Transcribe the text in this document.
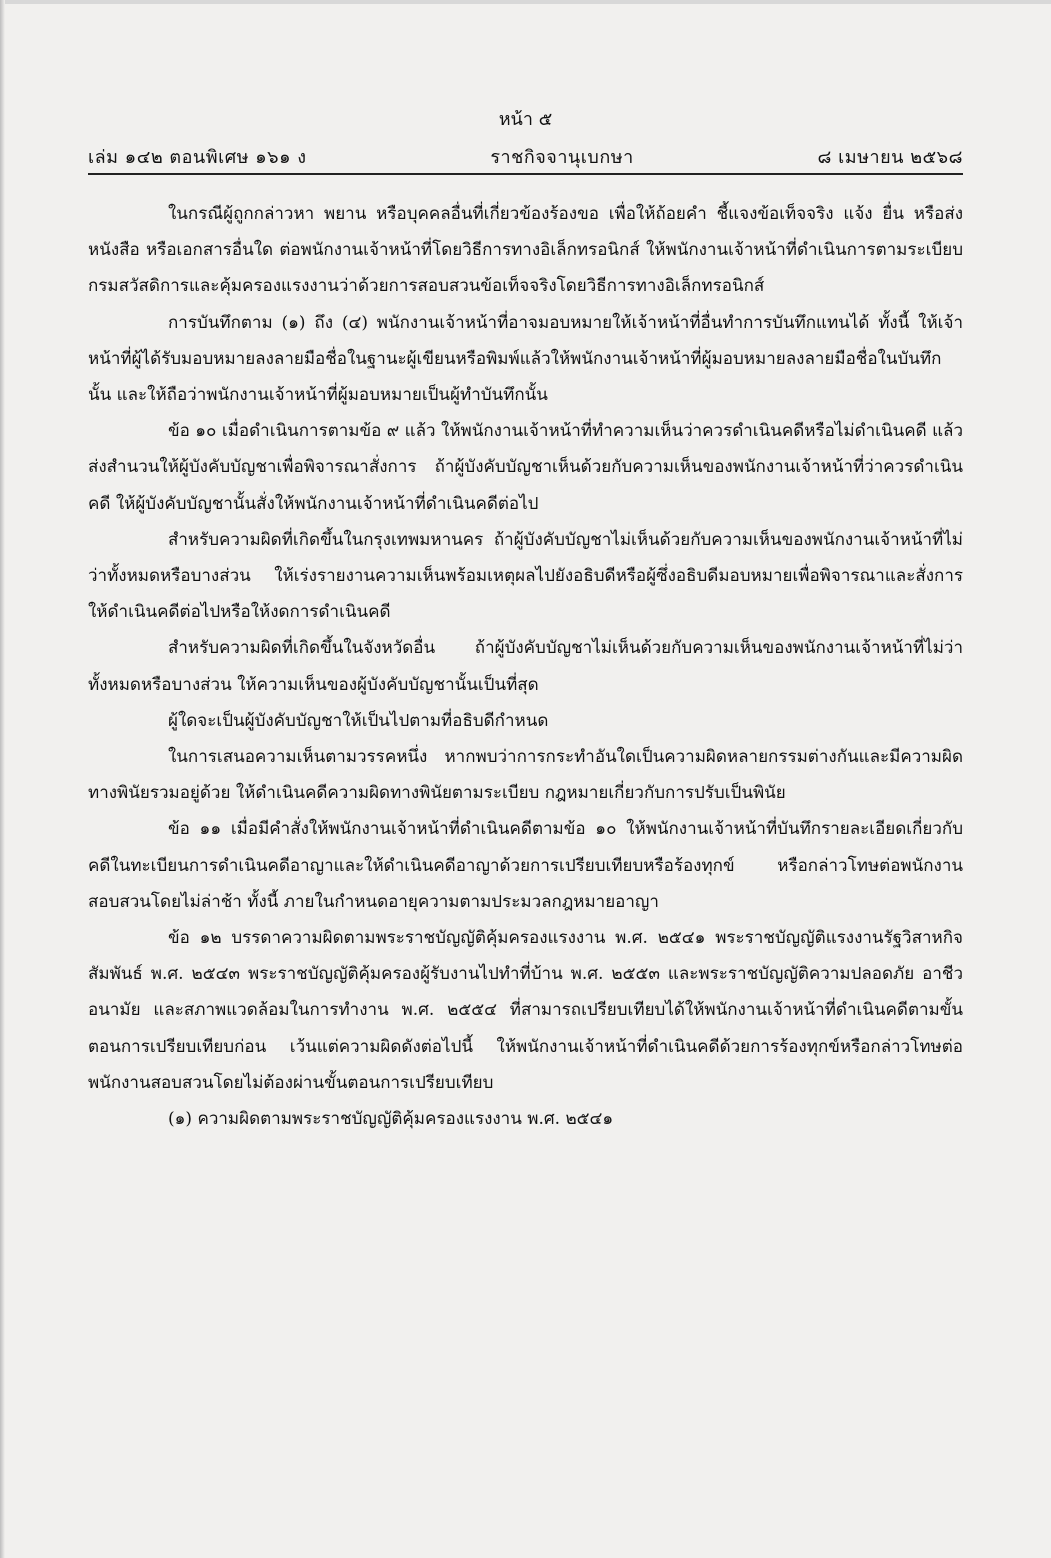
หน้า ๕
เล่ม ๑๔๒ ตอนพิเศษ ๑๖๑ ง	ราชกิจจานุเบกษา	๘ เมษายน ๒๕๖๘

ในกรณีผู้ถูกกล่าวหา พยาน หรือบุคคลอื่นที่เกี่ยวข้องร้องขอ เพื่อให้ถ้อยคำ ชี้แจงข้อเท็จจริง แจ้ง ยื่น หรือส่งหนังสือ หรือเอกสารอื่นใด ต่อพนักงานเจ้าหน้าที่โดยวิธีการทางอิเล็กทรอนิกส์ ให้พนักงานเจ้าหน้าที่ดำเนินการตามระเบียบกรมสวัสดิการและคุ้มครองแรงงานว่าด้วยการสอบสวนข้อเท็จจริงโดยวิธีการทางอิเล็กทรอนิกส์

การบันทึกตาม (๑) ถึง (๔) พนักงานเจ้าหน้าที่อาจมอบหมายให้เจ้าหน้าที่อื่นทำการบันทึกแทนได้ ทั้งนี้ ให้เจ้าหน้าที่ผู้ได้รับมอบหมายลงลายมือชื่อในฐานะผู้เขียนหรือพิมพ์แล้วให้พนักงานเจ้าหน้าที่ผู้มอบหมายลงลายมือชื่อในบันทึกนั้น และให้ถือว่าพนักงานเจ้าหน้าที่ผู้มอบหมายเป็นผู้ทำบันทึกนั้น

ข้อ ๑๐ เมื่อดำเนินการตามข้อ ๙ แล้ว ให้พนักงานเจ้าหน้าที่ทำความเห็นว่าควรดำเนินคดีหรือไม่ดำเนินคดี แล้วส่งสำนวนให้ผู้บังคับบัญชาเพื่อพิจารณาสั่งการ ถ้าผู้บังคับบัญชาเห็นด้วยกับความเห็นของพนักงานเจ้าหน้าที่ว่าควรดำเนินคดี ให้ผู้บังคับบัญชานั้นสั่งให้พนักงานเจ้าหน้าที่ดำเนินคดีต่อไป

สำหรับความผิดที่เกิดขึ้นในกรุงเทพมหานคร ถ้าผู้บังคับบัญชาไม่เห็นด้วยกับความเห็นของพนักงานเจ้าหน้าที่ไม่ว่าทั้งหมดหรือบางส่วน ให้เร่งรายงานความเห็นพร้อมเหตุผลไปยังอธิบดีหรือผู้ซึ่งอธิบดีมอบหมายเพื่อพิจารณาและสั่งการให้ดำเนินคดีต่อไปหรือให้งดการดำเนินคดี

สำหรับความผิดที่เกิดขึ้นในจังหวัดอื่น ถ้าผู้บังคับบัญชาไม่เห็นด้วยกับความเห็นของพนักงานเจ้าหน้าที่ไม่ว่าทั้งหมดหรือบางส่วน ให้ความเห็นของผู้บังคับบัญชานั้นเป็นที่สุด

ผู้ใดจะเป็นผู้บังคับบัญชาให้เป็นไปตามที่อธิบดีกำหนด

ในการเสนอความเห็นตามวรรคหนึ่ง หากพบว่าการกระทำอันใดเป็นความผิดหลายกรรมต่างกันและมีความผิดทางพินัยรวมอยู่ด้วย ให้ดำเนินคดีความผิดทางพินัยตามระเบียบ กฎหมายเกี่ยวกับการปรับเป็นพินัย

ข้อ ๑๑ เมื่อมีคำสั่งให้พนักงานเจ้าหน้าที่ดำเนินคดีตามข้อ ๑๐ ให้พนักงานเจ้าหน้าที่บันทึกรายละเอียดเกี่ยวกับคดีในทะเบียนการดำเนินคดีอาญาและให้ดำเนินคดีอาญาด้วยการเปรียบเทียบหรือร้องทุกข์ หรือกล่าวโทษต่อพนักงานสอบสวนโดยไม่ล่าช้า ทั้งนี้ ภายในกำหนดอายุความตามประมวลกฎหมายอาญา

ข้อ ๑๒ บรรดาความผิดตามพระราชบัญญัติคุ้มครองแรงงาน พ.ศ. ๒๕๔๑ พระราชบัญญัติแรงงานรัฐวิสาหกิจสัมพันธ์ พ.ศ. ๒๕๔๓ พระราชบัญญัติคุ้มครองผู้รับงานไปทำที่บ้าน พ.ศ. ๒๕๕๓ และพระราชบัญญัติความปลอดภัย อาชีวอนามัย และสภาพแวดล้อมในการทำงาน พ.ศ. ๒๕๕๔ ที่สามารถเปรียบเทียบได้ให้พนักงานเจ้าหน้าที่ดำเนินคดีตามขั้นตอนการเปรียบเทียบก่อน เว้นแต่ความผิดดังต่อไปนี้ ให้พนักงานเจ้าหน้าที่ดำเนินคดีด้วยการร้องทุกข์หรือกล่าวโทษต่อพนักงานสอบสวนโดยไม่ต้องผ่านขั้นตอนการเปรียบเทียบ

(๑) ความผิดตามพระราชบัญญัติคุ้มครองแรงงาน พ.ศ. ๒๕๔๑
